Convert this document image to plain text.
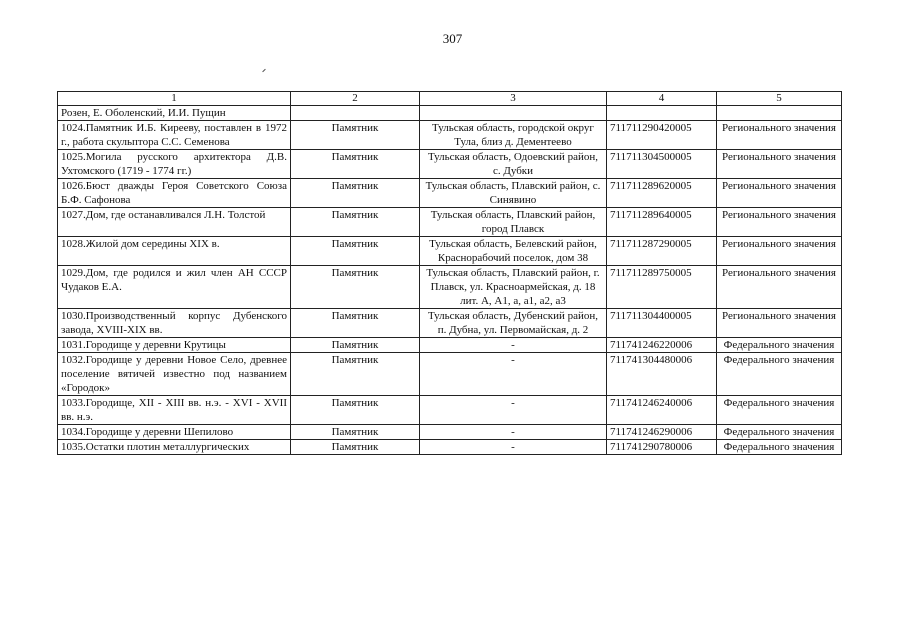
307
1	2	3	4	5
Розен, Е. Оболенский, И.И. Пущин				
1024.Памятник И.Б. Кирееву, поставлен в 1972 г., работа скульптора С.С. Семенова	Памятник	Тульская область, городской округ Тула, близ д. Дементеево	711711290420005	Регионального значения
1025.Могила русского архитектора Д.В. Ухтомского (1719 - 1774 гг.)	Памятник	Тульская область, Одоевский район, с. Дубки	711711304500005	Регионального значения
1026.Бюст дважды Героя Советского Союза Б.Ф. Сафонова	Памятник	Тульская область, Плавский район, с. Синявино	711711289620005	Регионального значения
1027.Дом, где останавливался Л.Н. Толстой	Памятник	Тульская область, Плавский район, город Плавск	711711289640005	Регионального значения
1028.Жилой дом середины XIX в.	Памятник	Тульская область, Белевский район, Краснорабочий поселок, дом 38	711711287290005	Регионального значения
1029.Дом, где родился и жил член АН СССР Чудаков Е.А.	Памятник	Тульская область, Плавский район, г. Плавск, ул. Красноармейская, д. 18 лит. А, А1, а, а1, а2, а3	711711289750005	Регионального значения
1030.Производственный корпус Дубенского завода, XVIII-XIX вв.	Памятник	Тульская область, Дубенский район, п. Дубна, ул. Первомайская, д. 2	711711304400005	Регионального значения
1031.Городище у деревни Крутицы	Памятник	-	711741246220006	Федерального значения
1032.Городище у деревни Новое Село, древнее поселение вятичей известно под названием «Городок»	Памятник	-	711741304480006	Федерального значения
1033.Городище, XII - XIII вв. н.э. - XVI - XVII вв. н.э.	Памятник	-	711741246240006	Федерального значения
1034.Городище у деревни Шепилово	Памятник	-	711741246290006	Федерального значения
1035.Остатки плотин металлургических	Памятник	-	711741290780006	Федерального значения
